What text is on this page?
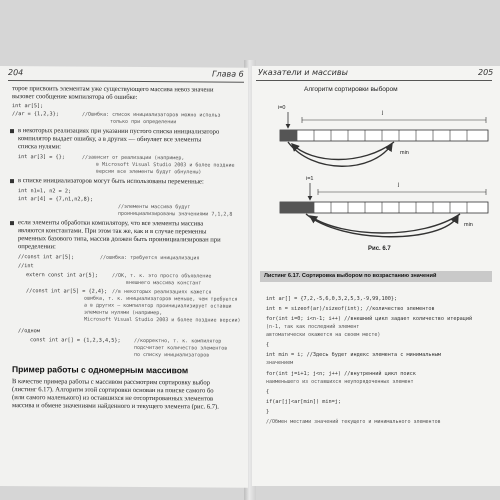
204	Глава 6
торое присвоить элементам уже существующего массива невоз значени
вызовет сообщение компилятора об ошибке:
int ar[5];
//ar = {1,2,3};	//Ошибка: список инициализаторов можно использ
только при определении
в некоторых реализациях при указании пустого списка инициализаторо
компилятор выдает ошибку, а в других — обнуляет все элементы
списка нулями:
int ar[3] = {};	//зависит от реализации (например,
в Microsoft Visual Studio 2003 и более поздние
версии все элементы будут обнулены)
в списке инициализаторов могут быть использованы переменные:
int n1=1, n2 = 2;
int ar[4] = {7,n1,n2,8};
//элементы массива будут
проинициализированы значениями 7,1,2,8
если элементы обработки компилятору, что все элементы массива
являются константами. При этом так же, как и в случае переменны
ременных базового типа, массив должен быть проинициализирован при
определении:
//const int ar[5];	//ошибка: требуется инициализация
//int
extern const int ar[5];	//ОК, т. к. это просто объявление
внешнего массива констант
//const int ar[5] = {2,4}; //в некоторых реализациях кажется
ошибка, т. к. инициализаторов меньше, чем требуется
а в других — компилятор проинициализирует оставши
элементы нулями (например,
Microsoft Visual Studio 2003 и более поздние версии)
//одном
const int ar[] = {1,2,3,4,5};	//корректно, т. к. компилятор
подсчитает количество элементов
по списку инициализаторов
Пример работы с одномерным массивом
В качестве примера работы с массивом рассмотрим сортировку выбор
(листинг 6.17). Алгоритм этой сортировки основан на поиске самого бо
(или самого маленького) из оставшихся не отсортированных элементов
массива и обмене значениями найденного и текущего элемента (рис. 6.7).
Указатели и массивы	205
Алгоритм сортировки выбором
i=0
j
min
i=1
j
min
Рис. 6.7
Листинг 6.17. Сортировка выбором по возрастанию значений
int ar[] = {7,2,-5,6,0,3,2,5,3,-9,99,100};
int n = sizeof(ar)/sizeof(int); //количество элементов
for(int i=0; i<n-1; i++) //внешний цикл задает количество итераций
(n-1, так как последний элемент
автоматически окажется на своем месте)
{
int min = i; //Здесь будет индекс элемента с минимальным
значением
for(int j=i+1; j<n; j++) //внутренний цикл поиск
наименьшего из оставшихся неупорядоченных элемент
{
if(ar[j]<ar[min]) min=j;
}
//Обмен местами значений текущего и минимального элементов
